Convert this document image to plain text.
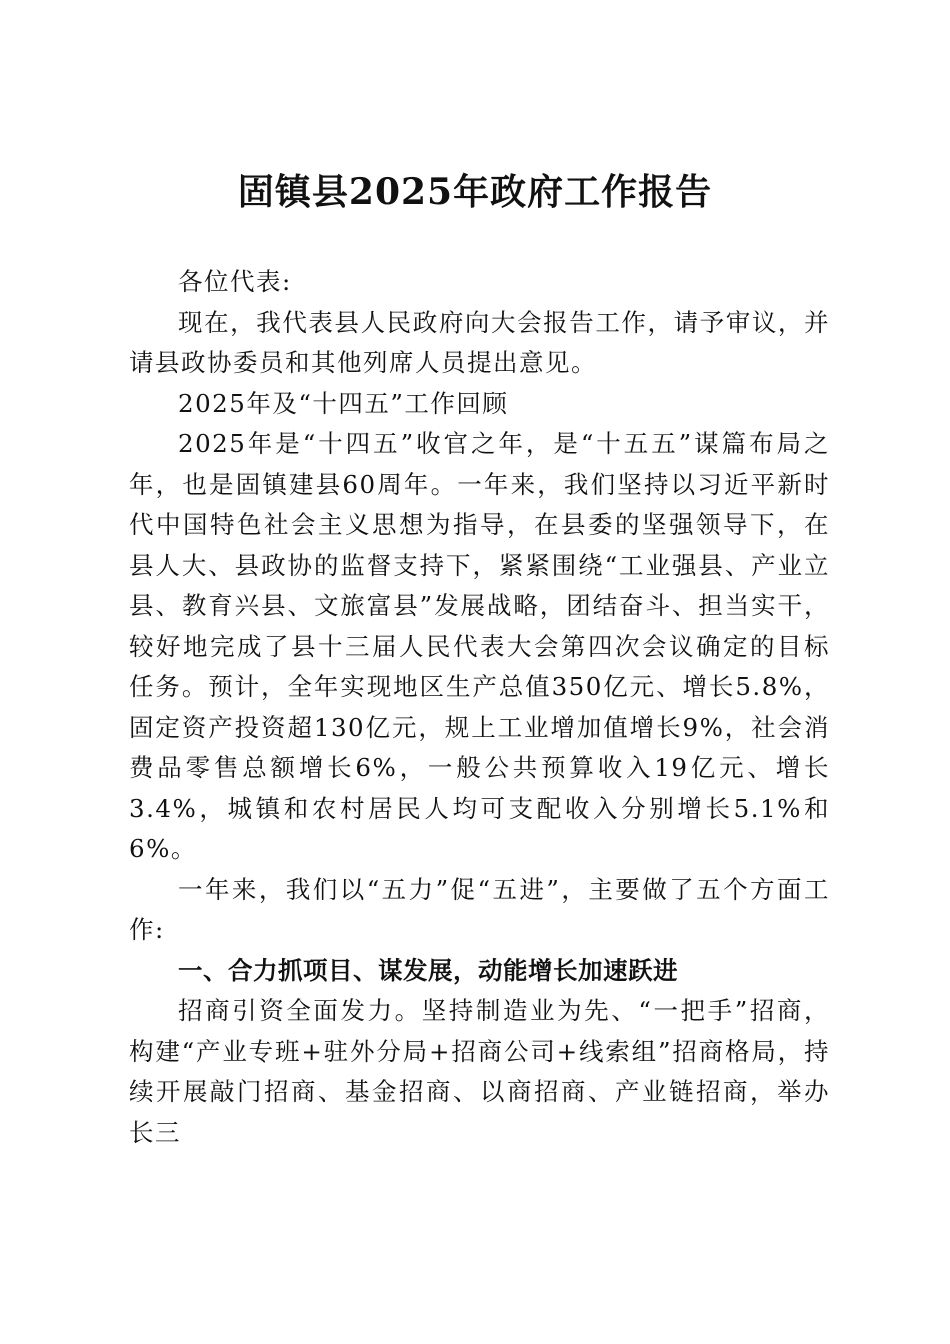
固镇县2025年政府工作报告

各位代表:

现在，我代表县人民政府向大会报告工作，请予审议，并请县政协委员和其他列席人员提出意见。

2025年及“十四五”工作回顾

2025年是“十四五”收官之年，是“十五五”谋篇布局之年，也是固镇建县60周年。一年来，我们坚持以习近平新时代中国特色社会主义思想为指导，在县委的坚强领导下，在县人大、县政协的监督支持下，紧紧围绕“工业强县、产业立县、教育兴县、文旅富县”发展战略，团结奋斗、担当实干，较好地完成了县十三届人民代表大会第四次会议确定的目标任务。预计，全年实现地区生产总值350亿元、增长5.8%，固定资产投资超130亿元，规上工业增加值增长9%，社会消费品零售总额增长6%，一般公共预算收入19亿元、增长3.4%，城镇和农村居民人均可支配收入分别增长5.1%和6%。

一年来，我们以“五力”促“五进”，主要做了五个方面工作:

一、合力抓项目、谋发展，动能增长加速跃进

招商引资全面发力。坚持制造业为先、“一把手”招商，构建“产业专班+驻外分局+招商公司+线索组”招商格局，持续开展敲门招商、基金招商、以商招商、产业链招商，举办长三
